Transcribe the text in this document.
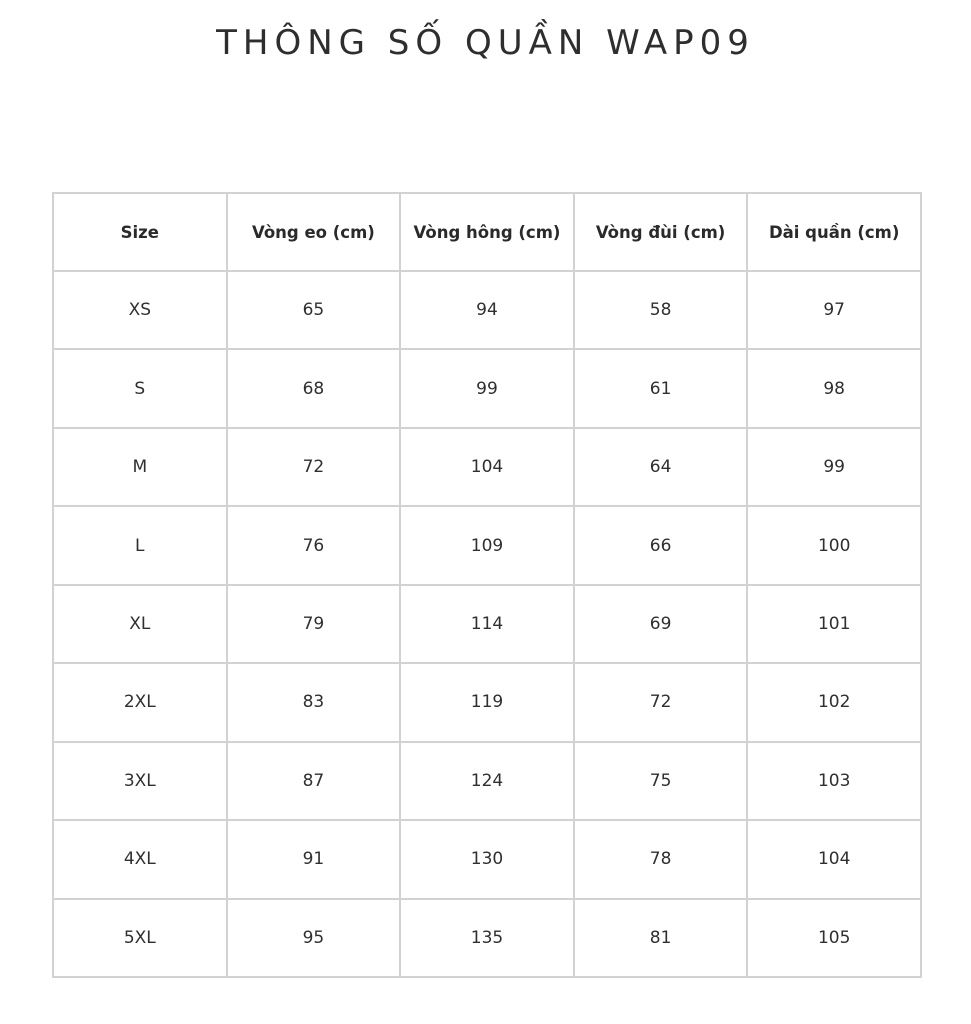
THÔNG SỐ QUẦN WAP09
Size	Vòng eo (cm)	Vòng hông (cm)	Vòng đùi (cm)	Dài quần (cm)
XS	65	94	58	97
S	68	99	61	98
M	72	104	64	99
L	76	109	66	100
XL	79	114	69	101
2XL	83	119	72	102
3XL	87	124	75	103
4XL	91	130	78	104
5XL	95	135	81	105
